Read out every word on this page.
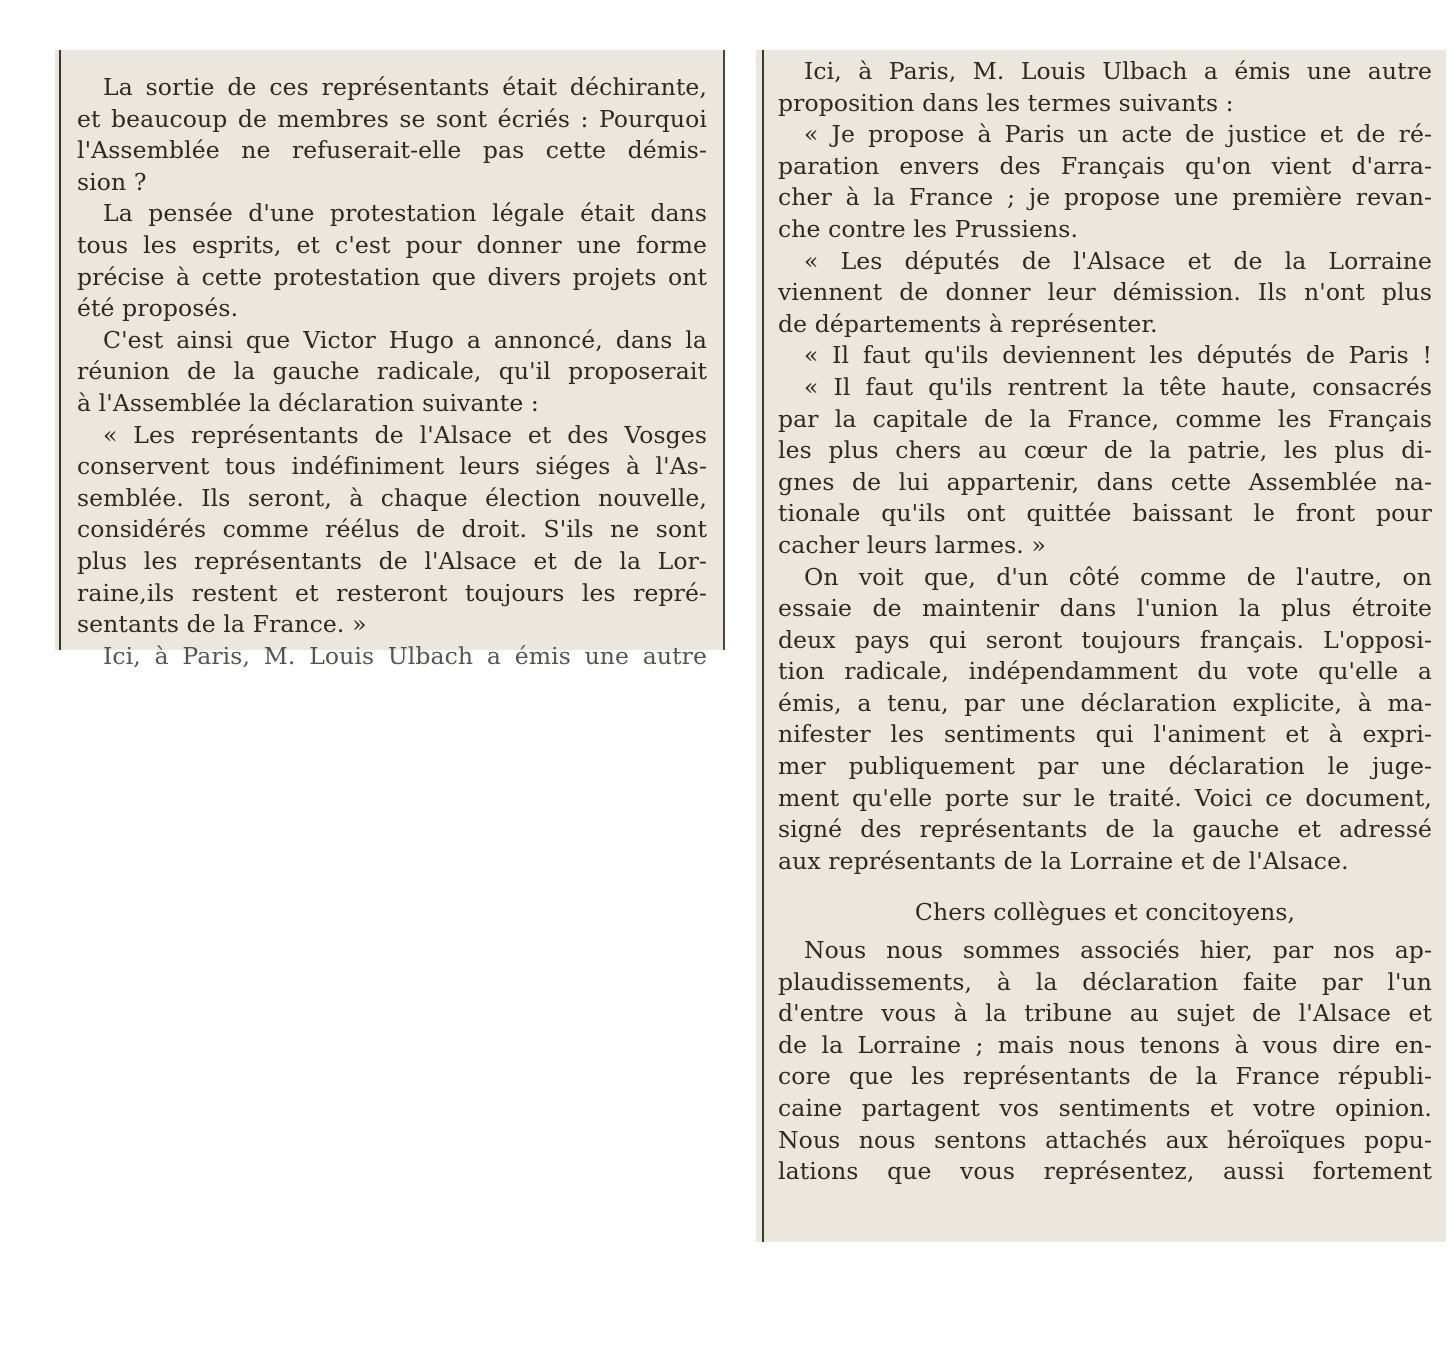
La sortie de ces représentants était déchirante,
et beaucoup de membres se sont écriés : Pourquoi
l'Assemblée ne refuserait-elle pas cette démis-
sion ?
La pensée d'une protestation légale était dans
tous les esprits, et c'est pour donner une forme
précise à cette protestation que divers projets ont
été proposés.
C'est ainsi que Victor Hugo a annoncé, dans la
réunion de la gauche radicale, qu'il proposerait
à l'Assemblée la déclaration suivante :
« Les représentants de l'Alsace et des Vosges
conservent tous indéfiniment leurs siéges à l'As-
semblée. Ils seront, à chaque élection nouvelle,
considérés comme réélus de droit. S'ils ne sont
plus les représentants de l'Alsace et de la Lor-
raine,ils restent et resteront toujours les repré-
sentants de la France. »
Ici, à Paris, M. Louis Ulbach a émis une autre
Ici, à Paris, M. Louis Ulbach a émis une autre
proposition dans les termes suivants :
« Je propose à Paris un acte de justice et de ré-
paration envers des Français qu'on vient d'arra-
cher à la France ; je propose une première revan-
che contre les Prussiens.
« Les députés de l'Alsace et de la Lorraine
viennent de donner leur démission. Ils n'ont plus
de départements à représenter.
« Il faut qu'ils deviennent les députés de Paris !
« Il faut qu'ils rentrent la tête haute, consacrés
par la capitale de la France, comme les Français
les plus chers au cœur de la patrie, les plus di-
gnes de lui appartenir, dans cette Assemblée na-
tionale qu'ils ont quittée baissant le front pour
cacher leurs larmes. »
On voit que, d'un côté comme de l'autre, on
essaie de maintenir dans l'union la plus étroite
deux pays qui seront toujours français. L'opposi-
tion radicale, indépendamment du vote qu'elle a
émis, a tenu, par une déclaration explicite, à ma-
nifester les sentiments qui l'animent et à expri-
mer publiquement par une déclaration le juge-
ment qu'elle porte sur le traité. Voici ce document,
signé des représentants de la gauche et adressé
aux représentants de la Lorraine et de l'Alsace.
Chers collègues et concitoyens,
Nous nous sommes associés hier, par nos ap-
plaudissements, à la déclaration faite par l'un
d'entre vous à la tribune au sujet de l'Alsace et
de la Lorraine ; mais nous tenons à vous dire en-
core que les représentants de la France républi-
caine partagent vos sentiments et votre opinion.
Nous nous sentons attachés aux héroïques popu-
lations que vous représentez, aussi fortement
